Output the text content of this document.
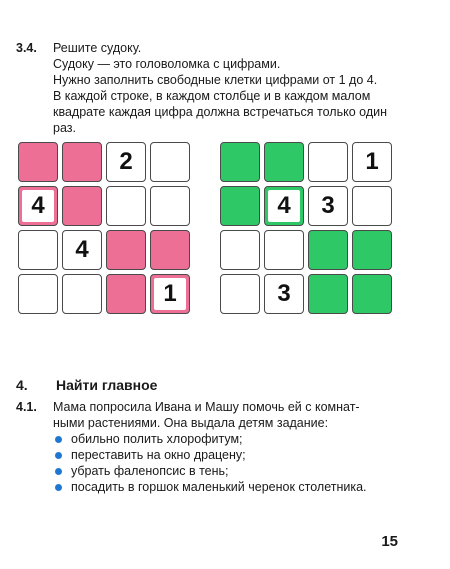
3.4. Решите судоку.

Судоку — это головоломка с цифрами.

Нужно заполнить свободные клетки цифрами от 1 до 4.

В каждой строке, в каждом столбце и в каждом малом

квадрате каждая цифра должна встречаться только один

раз.

2
4
4
1
1
4	3
3
4. Найти главное
4.1. Мама попросила Ивана и Машу помочь ей с комнат-

ными растениями. Она выдала детям задание:

обильно полить хлорофитум;
переставить на окно драцену;
убрать фаленопсис в тень;
посадить в горшок маленький черенок столетника.
15
